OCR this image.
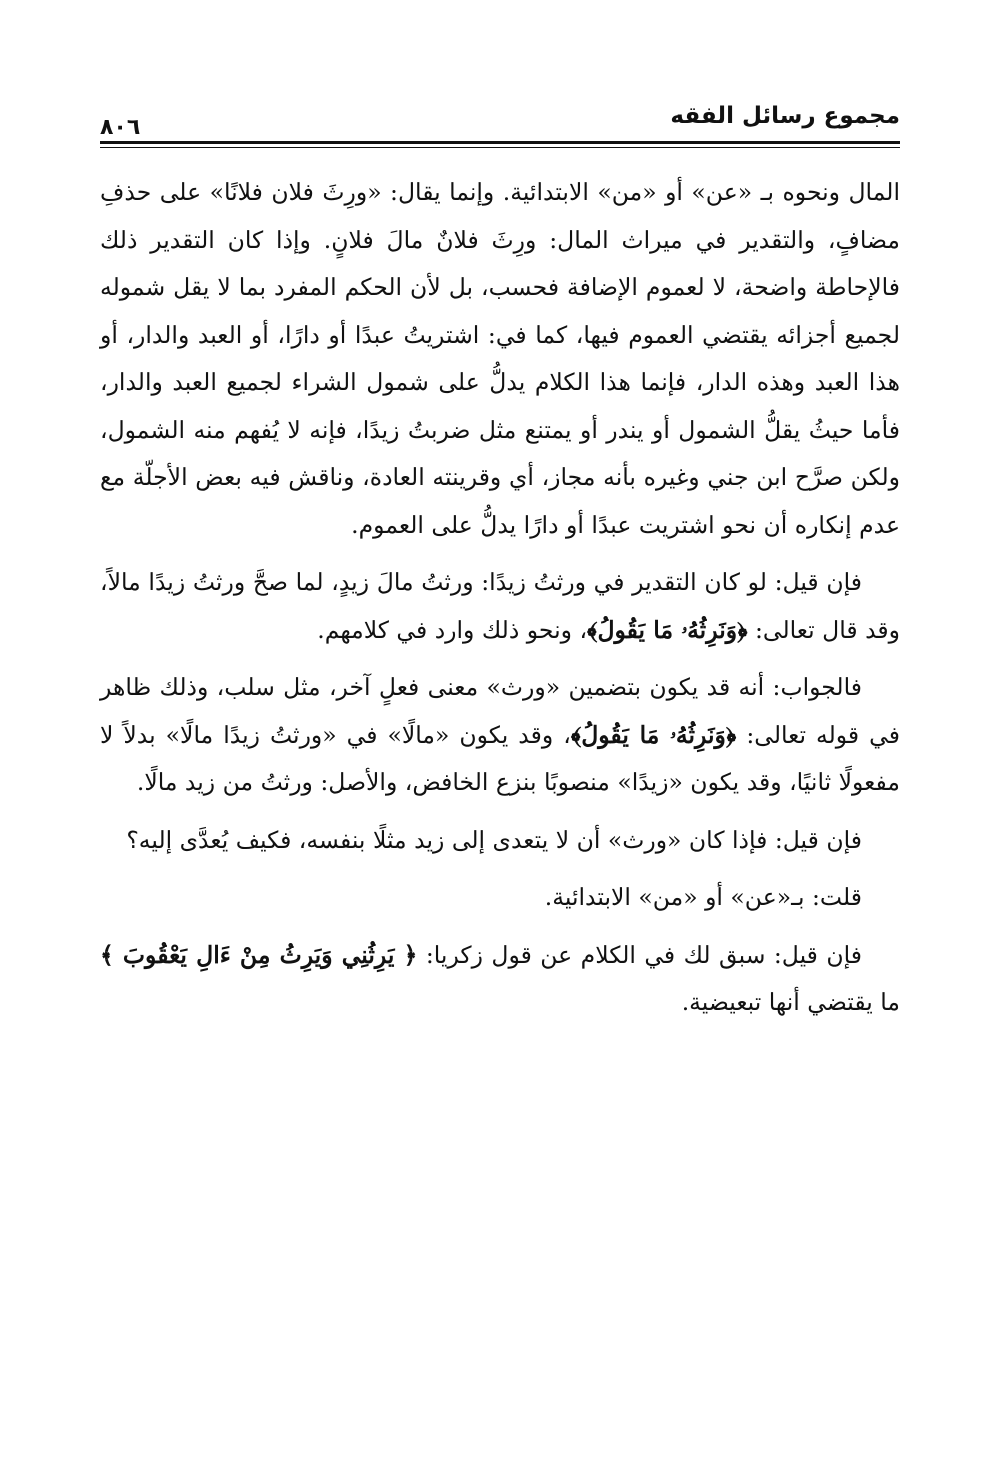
مجموع رسائل الفقه
٨٠٦

المال ونحوه بـ «عن» أو «من» الابتدائية. وإنما يقال: «ورِثَ فلان فلانًا» على حذفِ مضافٍ، والتقدير في ميراث المال: ورِثَ فلانٌ مالَ فلانٍ. وإذا كان التقدير ذلك فالإحاطة واضحة، لا لعموم الإضافة فحسب، بل لأن الحكم المفرد بما لا يقل شموله لجميع أجزائه يقتضي العموم فيها، كما في: اشتريتُ عبدًا أو دارًا، أو العبد والدار، أو هذا العبد وهذه الدار، فإنما هذا الكلام يدلُّ على شمول الشراء لجميع العبد والدار، فأما حيثُ يقلُّ الشمول أو يندر أو يمتنع مثل ضربتُ زيدًا، فإنه لا يُفهم منه الشمول، ولكن صرَّح ابن جني وغيره بأنه مجاز، أي وقرينته العادة، وناقش فيه بعض الأجلّة مع عدم إنكاره أن نحو اشتريت عبدًا أو دارًا يدلُّ على العموم.

فإن قيل: لو كان التقدير في ورثتُ زيدًا: ورثتُ مالَ زيدٍ، لما صحَّ ورثتُ زيدًا مالاً، وقد قال تعالى: ﴿وَنَرِثُهُۥ مَا يَقُولُ﴾، ونحو ذلك وارد في كلامهم.

فالجواب: أنه قد يكون بتضمين «ورث» معنى فعلٍ آخر، مثل سلب، وذلك ظاهر في قوله تعالى: ﴿وَنَرِثُهُۥ مَا يَقُولُ﴾، وقد يكون «مالًا» في «ورثتُ زيدًا مالًا» بدلاً لا مفعولًا ثانيًا، وقد يكون «زيدًا» منصوبًا بنزع الخافض، والأصل: ورثتُ من زيد مالًا.

فإن قيل: فإذا كان «ورث» أن لا يتعدى إلى زيد مثلًا بنفسه، فكيف يُعدَّى إليه؟

قلت: بـ«عن» أو «من» الابتدائية.

فإن قيل: سبق لك في الكلام عن قول زكريا: ﴿ يَرِثُنِي وَيَرِثُ مِنْ ءَالِ يَعْقُوبَ ﴾ ما يقتضي أنها تبعيضية.
